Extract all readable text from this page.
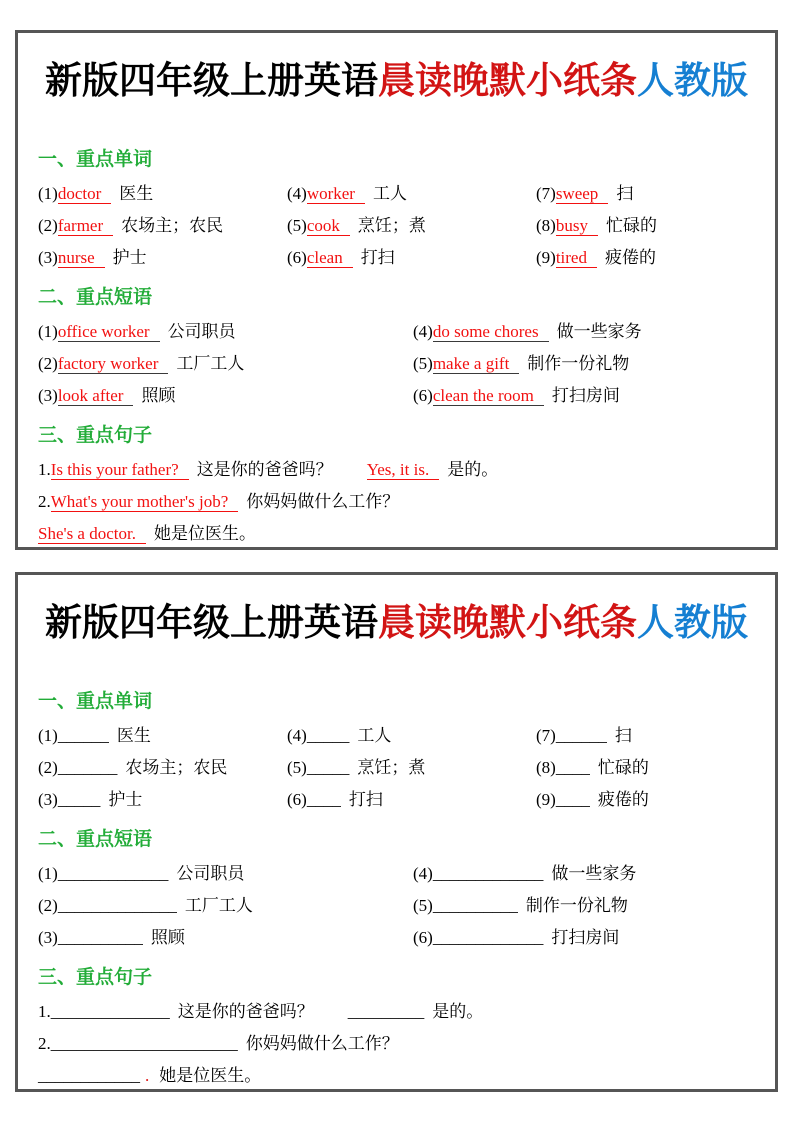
新版四年级上册英语晨读晚默小纸条人教版
一、重点单词
(1)doctor 医生	(4)worker 工人	(7)sweep 扫
(2)farmer 农场主；农民	(5)cook 烹饪；煮	(8)busy 忙碌的
(3)nurse 护士	(6)clean 打扫	(9)tired 疲倦的
二、重点短语
(1)office worker 公司职员	(4)do some chores 做一些家务
(2)factory worker 工厂工人	(5)make a gift 制作一份礼物
(3)look after 照顾	(6)clean the room 打扫房间
三、重点句子
1.Is this your father? 这是你的爸爸吗？ Yes, it is. 是的。
2.What's your mother's job? 你妈妈做什么工作？
She's a doctor. 她是位医生。
新版四年级上册英语晨读晚默小纸条人教版
一、重点单词
(1)______ 医生	(4)_____ 工人	(7)______ 扫
(2)_______ 农场主；农民	(5)_____ 烹饪；煮	(8)____ 忙碌的
(3)_____ 护士	(6)____ 打扫	(9)____ 疲倦的
二、重点短语
(1)_____________ 公司职员	(4)_____________ 做一些家务
(2)______________ 工厂工人	(5)__________ 制作一份礼物
(3)__________ 照顾	(6)_____________ 打扫房间
三、重点句子
1.______________ 这是你的爸爸吗？ _________ 是的。
2.______________________ 你妈妈做什么工作？
____________ . 她是位医生。
